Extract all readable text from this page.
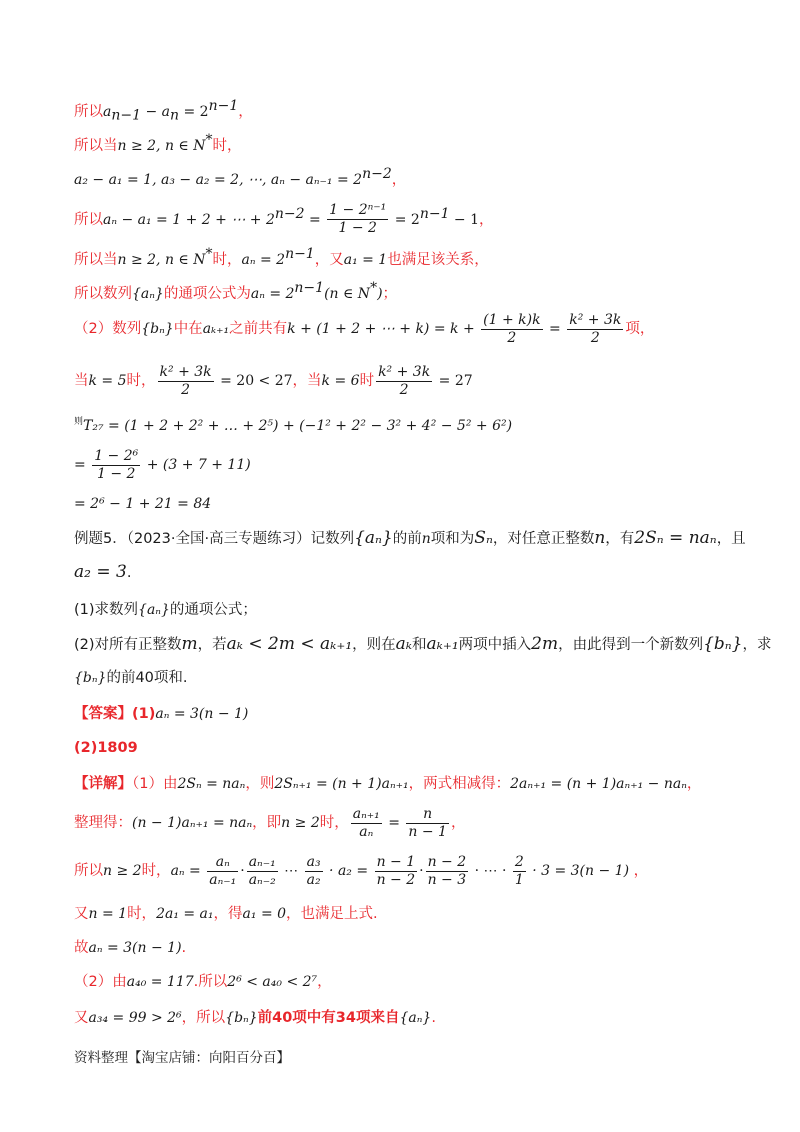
所以$a_{n-1} - a_n = 2^{n-1}$，
所以当n ≥ 2, n ∈ N*时，
a₂ − a₁ = 1, a₃ − a₂ = 2, ⋯, $a_n - a_{n-1} = 2^{n-2}$，
所以aₙ − a₁ = 1 + 2 + ⋯ + $2^{n-2} = \frac{\text{1 − 2ⁿ⁻¹}}{1 - 2} = 2^{n-1} - 1$，
所以当n ≥ 2, n ∈ N*时，$a_n = 2^{n-1}$，又a₁ = 1也满足该关系，
所以数列{aₙ}的通项公式为$a_n = 2^{n-1}(n$ ∈ N*)；
（2）数列{bₙ}中在aₖ₊₁之前共有k + (1 + 2 + ⋯ + $k) = k + \frac{(1 + k)k}{2} = \frac{\text{k² + 3k}}{2}$ 项，
当k = 5时， $\frac{\text{k² + 3k}}{2} = 20 < 27$，当k = 6时 $\frac{\text{k² + 3k}}{2} = 27$
$^则$T₂₇ = (1 + 2 + 2² + … + 2⁵) + (−1² + 2² − 3² + 4² − 5² + 6²)
= $\frac{\text{1 − 2⁶}}{1 - 2} + (3 + 7 + 11)$
= 2⁶ − 1 + 21 = 84
例题5．（2023·全国·高三专题练习）记数列{aₙ}的前n项和为Sₙ，对任意正整数n，有2Sₙ = naₙ，且
a₂ = 3.
(1)求数列{aₙ}的通项公式；
(2)对所有正整数m，若aₖ < 2m < aₖ₊₁，则在aₖ和aₖ₊₁两项中插入2m，由此得到一个新数列{bₙ}，求
{bₙ}的前40项和.
【答案】(1)aₙ = 3(n − 1)
(2)1809
【详解】（1）由2Sₙ = naₙ，则2Sₙ₊₁ = (n + 1)aₙ₊₁，两式相减得：2aₙ₊₁ = (n + 1)aₙ₊₁ − naₙ，
整理得：(n − 1)aₙ₊₁ = naₙ，即n ≥ 2时， $\frac{\text{aₙ₊₁}}{\text{aₙ}} = \frac{n}{n - 1}$ ，
所以n ≥ 2时，$a_n = \frac{\text{aₙ}}{\text{aₙ₋₁}} \cdot \frac{\text{aₙ₋₁}}{\text{aₙ₋₂}}$ ⋯ $\frac{\text{a₃}}{\text{a₂}} \cdot a_2 = \frac{n - 1}{n - 2} \cdot \frac{n - 2}{n - 3}$ · ⋯ · $\frac{2}{1} \cdot 3 = 3(n - 1)$ ，
又n = 1时，2a₁ = a₁，得a₁ = 0，也满足上式.
故aₙ = 3(n − 1).
（2）由a₄₀ = 117.所以2⁶ < a₄₀ < 2⁷，
又a₃₄ = 99 > 2⁶，所以{bₙ}前40项中有34项来自{aₙ}.
资料整理【淘宝店铺：向阳百分百】
